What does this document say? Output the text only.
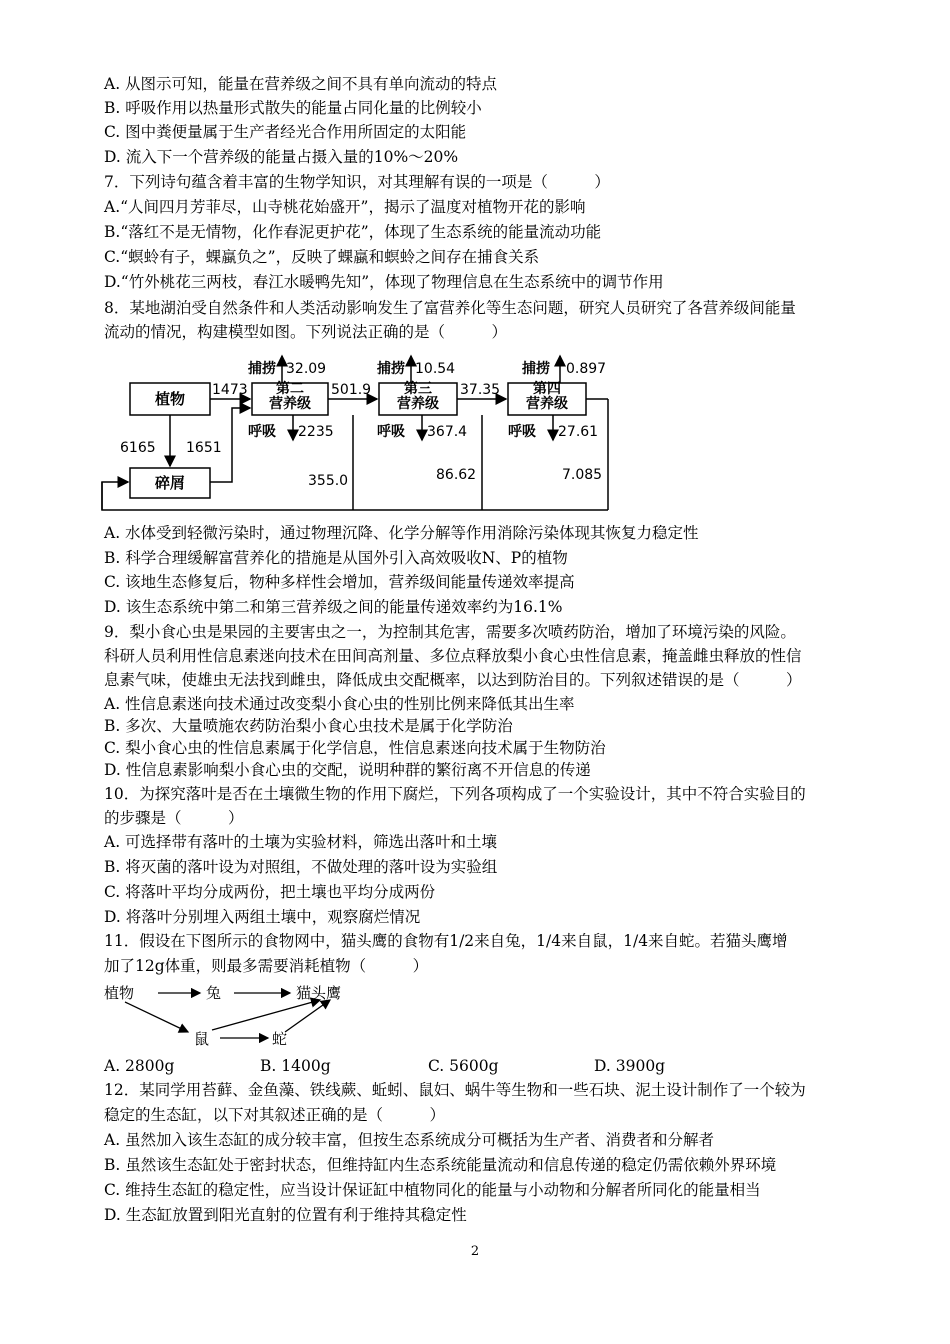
A. 从图示可知，能量在营养级之间不具有单向流动的特点
B. 呼吸作用以热量形式散失的能量占同化量的比例较小
C. 图中粪便量属于生产者经光合作用所固定的太阳能
D. 流入下一个营养级的能量占摄入量的10%～20%
7．下列诗句蕴含着丰富的生物学知识，对其理解有误的一项是（　　　）
A.“人间四月芳菲尽，山寺桃花始盛开”，揭示了温度对植物开花的影响
B.“落红不是无情物，化作春泥更护花”，体现了生态系统的能量流动功能
C.“螟蛉有子，蜾蠃负之”，反映了蜾蠃和螟蛉之间存在捕食关系
D.“竹外桃花三两枝，春江水暖鸭先知”，体现了物理信息在生态系统中的调节作用
8．某地湖泊受自然条件和人类活动影响发生了富营养化等生态问题，研究人员研究了各营养级间能量
流动的情况，构建模型如图。下列说法正确的是（　　　）
植物
碎屑
第二营养级
第三营养级
第四营养级
捕捞 32.09	捕捞 10.54	捕捞 0.897
呼吸 2235	呼吸 367.4	呼吸 27.61
1473	501.9	37.35
6165 1651
355.0	86.62	7.085
A. 水体受到轻微污染时，通过物理沉降、化学分解等作用消除污染体现其恢复力稳定性
B. 科学合理缓解富营养化的措施是从国外引入高效吸收N、P的植物
C. 该地生态修复后，物种多样性会增加，营养级间能量传递效率提高
D. 该生态系统中第二和第三营养级之间的能量传递效率约为16.1%
9．梨小食心虫是果园的主要害虫之一，为控制其危害，需要多次喷药防治，增加了环境污染的风险。
科研人员利用性信息素迷向技术在田间高剂量、多位点释放梨小食心虫性信息素，掩盖雌虫释放的性信
息素气味，使雄虫无法找到雌虫，降低成虫交配概率，以达到防治目的。下列叙述错误的是（　　　）
A. 性信息素迷向技术通过改变梨小食心虫的性别比例来降低其出生率
B. 多次、大量喷施农药防治梨小食心虫技术是属于化学防治
C. 梨小食心虫的性信息素属于化学信息，性信息素迷向技术属于生物防治
D. 性信息素影响梨小食心虫的交配，说明种群的繁衍离不开信息的传递
10．为探究落叶是否在土壤微生物的作用下腐烂，下列各项构成了一个实验设计，其中不符合实验目的
的步骤是（　　　）
A. 可选择带有落叶的土壤为实验材料，筛选出落叶和土壤
B. 将灭菌的落叶设为对照组，不做处理的落叶设为实验组
C. 将落叶平均分成两份，把土壤也平均分成两份
D. 将落叶分别埋入两组土壤中，观察腐烂情况
11．假设在下图所示的食物网中，猫头鹰的食物有1/2来自兔，1/4来自鼠，1/4来自蛇。若猫头鹰增
加了12g体重，则最多需要消耗植物（　　　）
植物	兔	猫头鹰
鼠	蛇
A. 2800g	B. 1400g	C. 5600g	D. 3900g
12．某同学用苔藓、金鱼藻、铁线蕨、蚯蚓、鼠妇、蜗牛等生物和一些石块、泥土设计制作了一个较为
稳定的生态缸，以下对其叙述正确的是（　　　）
A. 虽然加入该生态缸的成分较丰富，但按生态系统成分可概括为生产者、消费者和分解者
B. 虽然该生态缸处于密封状态，但维持缸内生态系统能量流动和信息传递的稳定仍需依赖外界环境
C. 维持生态缸的稳定性，应当设计保证缸中植物同化的能量与小动物和分解者所同化的能量相当
D. 生态缸放置到阳光直射的位置有利于维持其稳定性
2
